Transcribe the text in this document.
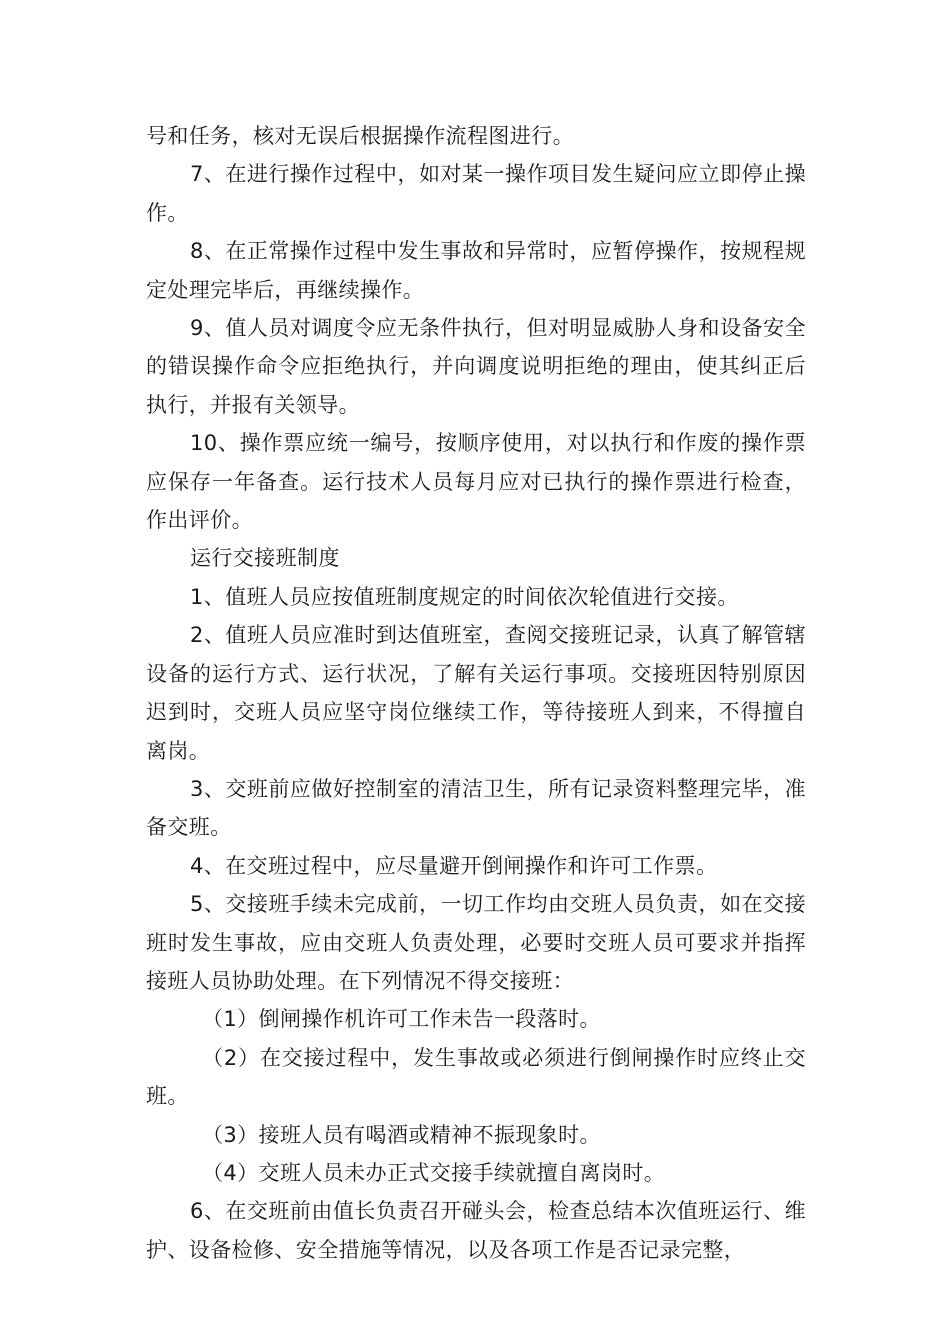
号和任务，核对无误后根据操作流程图进行。

7、在进行操作过程中，如对某一操作项目发生疑问应立即停止操作。

8、在正常操作过程中发生事故和异常时，应暂停操作，按规程规定处理完毕后，再继续操作。

9、值人员对调度令应无条件执行，但对明显威胁人身和设备安全的错误操作命令应拒绝执行，并向调度说明拒绝的理由，使其纠正后执行，并报有关领导。

10、操作票应统一编号，按顺序使用，对以执行和作废的操作票应保存一年备查。运行技术人员每月应对已执行的操作票进行检查，作出评价。

运行交接班制度

1、值班人员应按值班制度规定的时间依次轮值进行交接。

2、值班人员应准时到达值班室，查阅交接班记录，认真了解管辖设备的运行方式、运行状况，了解有关运行事项。交接班因特别原因迟到时，交班人员应坚守岗位继续工作，等待接班人到来，不得擅自离岗。

3、交班前应做好控制室的清洁卫生，所有记录资料整理完毕，准备交班。

4、在交班过程中，应尽量避开倒闸操作和许可工作票。

5、交接班手续未完成前，一切工作均由交班人员负责，如在交接班时发生事故，应由交班人负责处理，必要时交班人员可要求并指挥接班人员协助处理。在下列情况不得交接班：

（1）倒闸操作机许可工作未告一段落时。

（2）在交接过程中，发生事故或必须进行倒闸操作时应终止交班。

（3）接班人员有喝酒或精神不振现象时。

（4）交班人员未办正式交接手续就擅自离岗时。

6、在交班前由值长负责召开碰头会，检查总结本次值班运行、维护、设备检修、安全措施等情况，以及各项工作是否记录完整，
